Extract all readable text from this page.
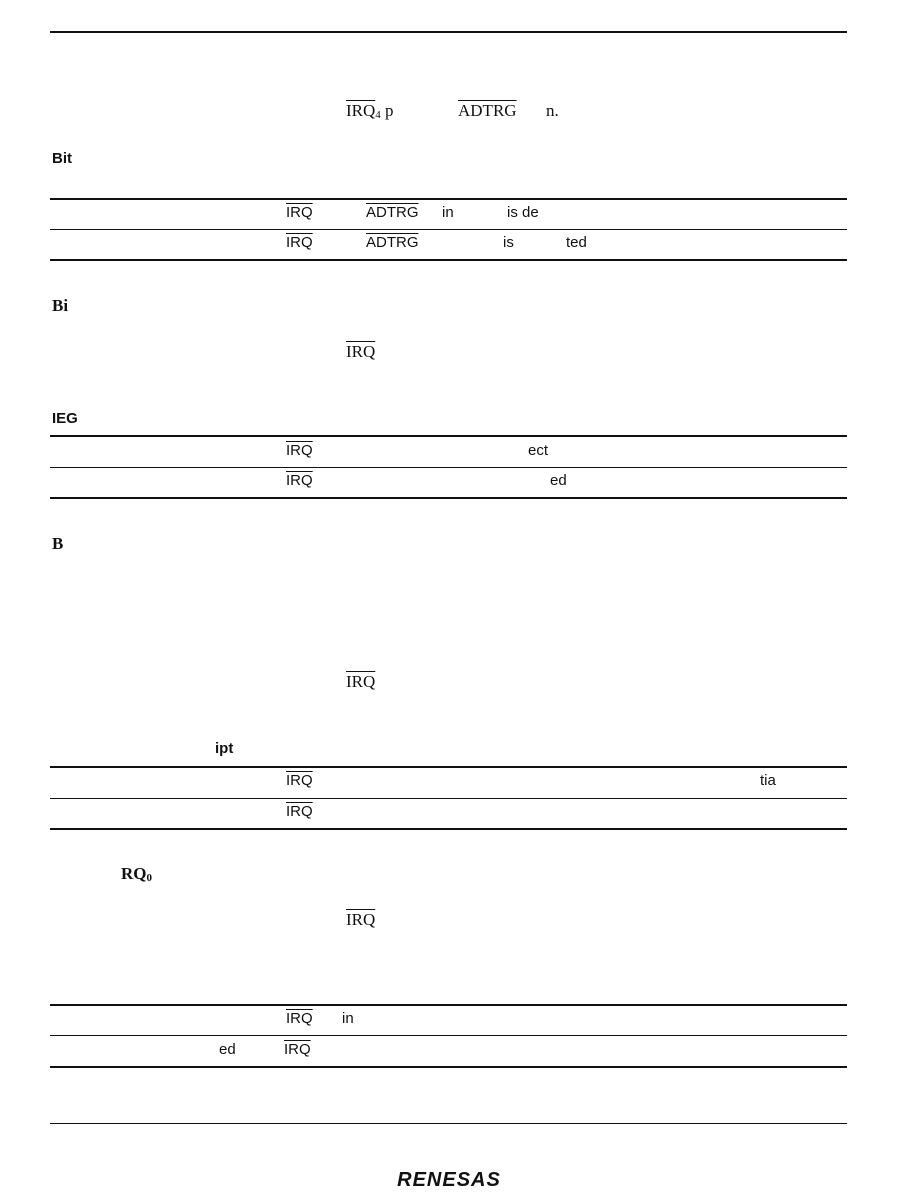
$\overline{IRQ}_4$ p	ADTRG n.
Bit
$\overline{IRQ}$	ADTRG in	is de
$\overline{IRQ}$	ADTRG	is	ted
Bi
$\overline{IRQ}$
IEG
$\overline{IRQ}$	ect
$\overline{IRQ}$	ed
B
$\overline{IRQ}$
ipt
$\overline{IRQ}$	tia
$\overline{IRQ}$
$RQ_0$
$\overline{IRQ}$
$\overline{IRQ}$ in
ed	$\overline{IRQ}$
RENESAS
